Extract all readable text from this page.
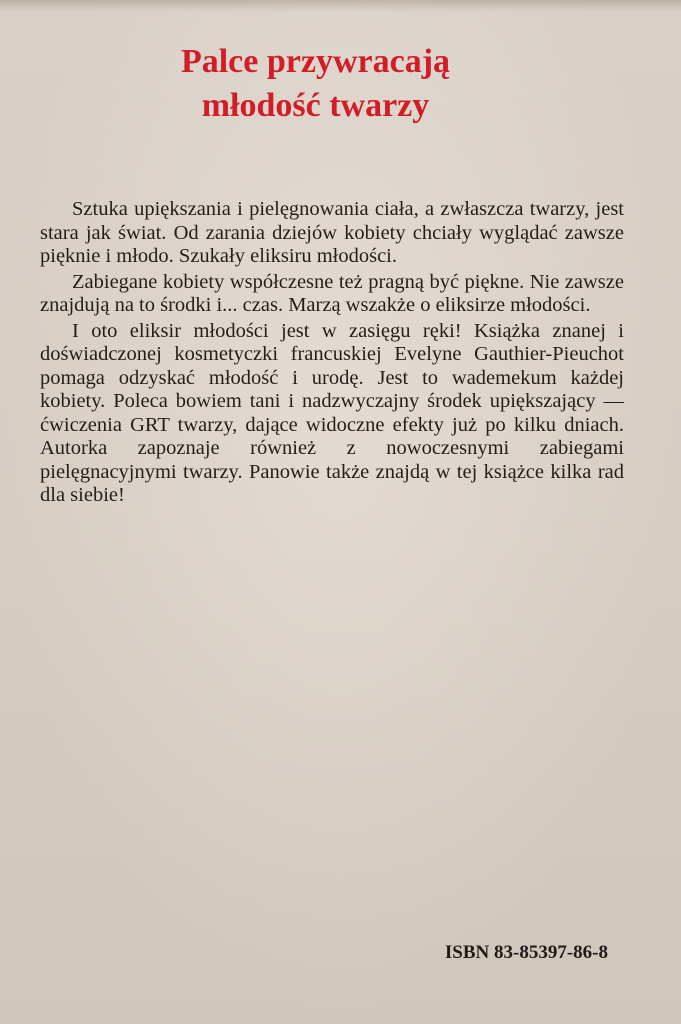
Palce przywracają
młodość twarzy

Sztuka upiększania i pielęgnowania ciała, a zwłaszcza twarzy, jest stara jak świat. Od zarania dziejów kobiety chciały wyglądać zawsze pięknie i młodo. Szukały eliksiru młodości.

Zabiegane kobiety współczesne też pragną być piękne. Nie zawsze znajdują na to środki i... czas. Marzą wszakże o eliksirze młodości.

I oto eliksir młodości jest w zasięgu ręki! Książka znanej i doświadczonej kosmetyczki francuskiej Evelyne Gauthier-Pieuchot pomaga odzyskać młodość i urodę. Jest to wademekum każdej kobiety. Poleca bowiem tani i nadzwyczajny środek upiększający — ćwiczenia GRT twarzy, dające widoczne efekty już po kilku dniach. Autorka zapoznaje również z nowoczesnymi zabiegami pielęgnacyjnymi twarzy. Panowie także znajdą w tej książce kilka rad dla siebie!

ISBN 83-85397-86-8
